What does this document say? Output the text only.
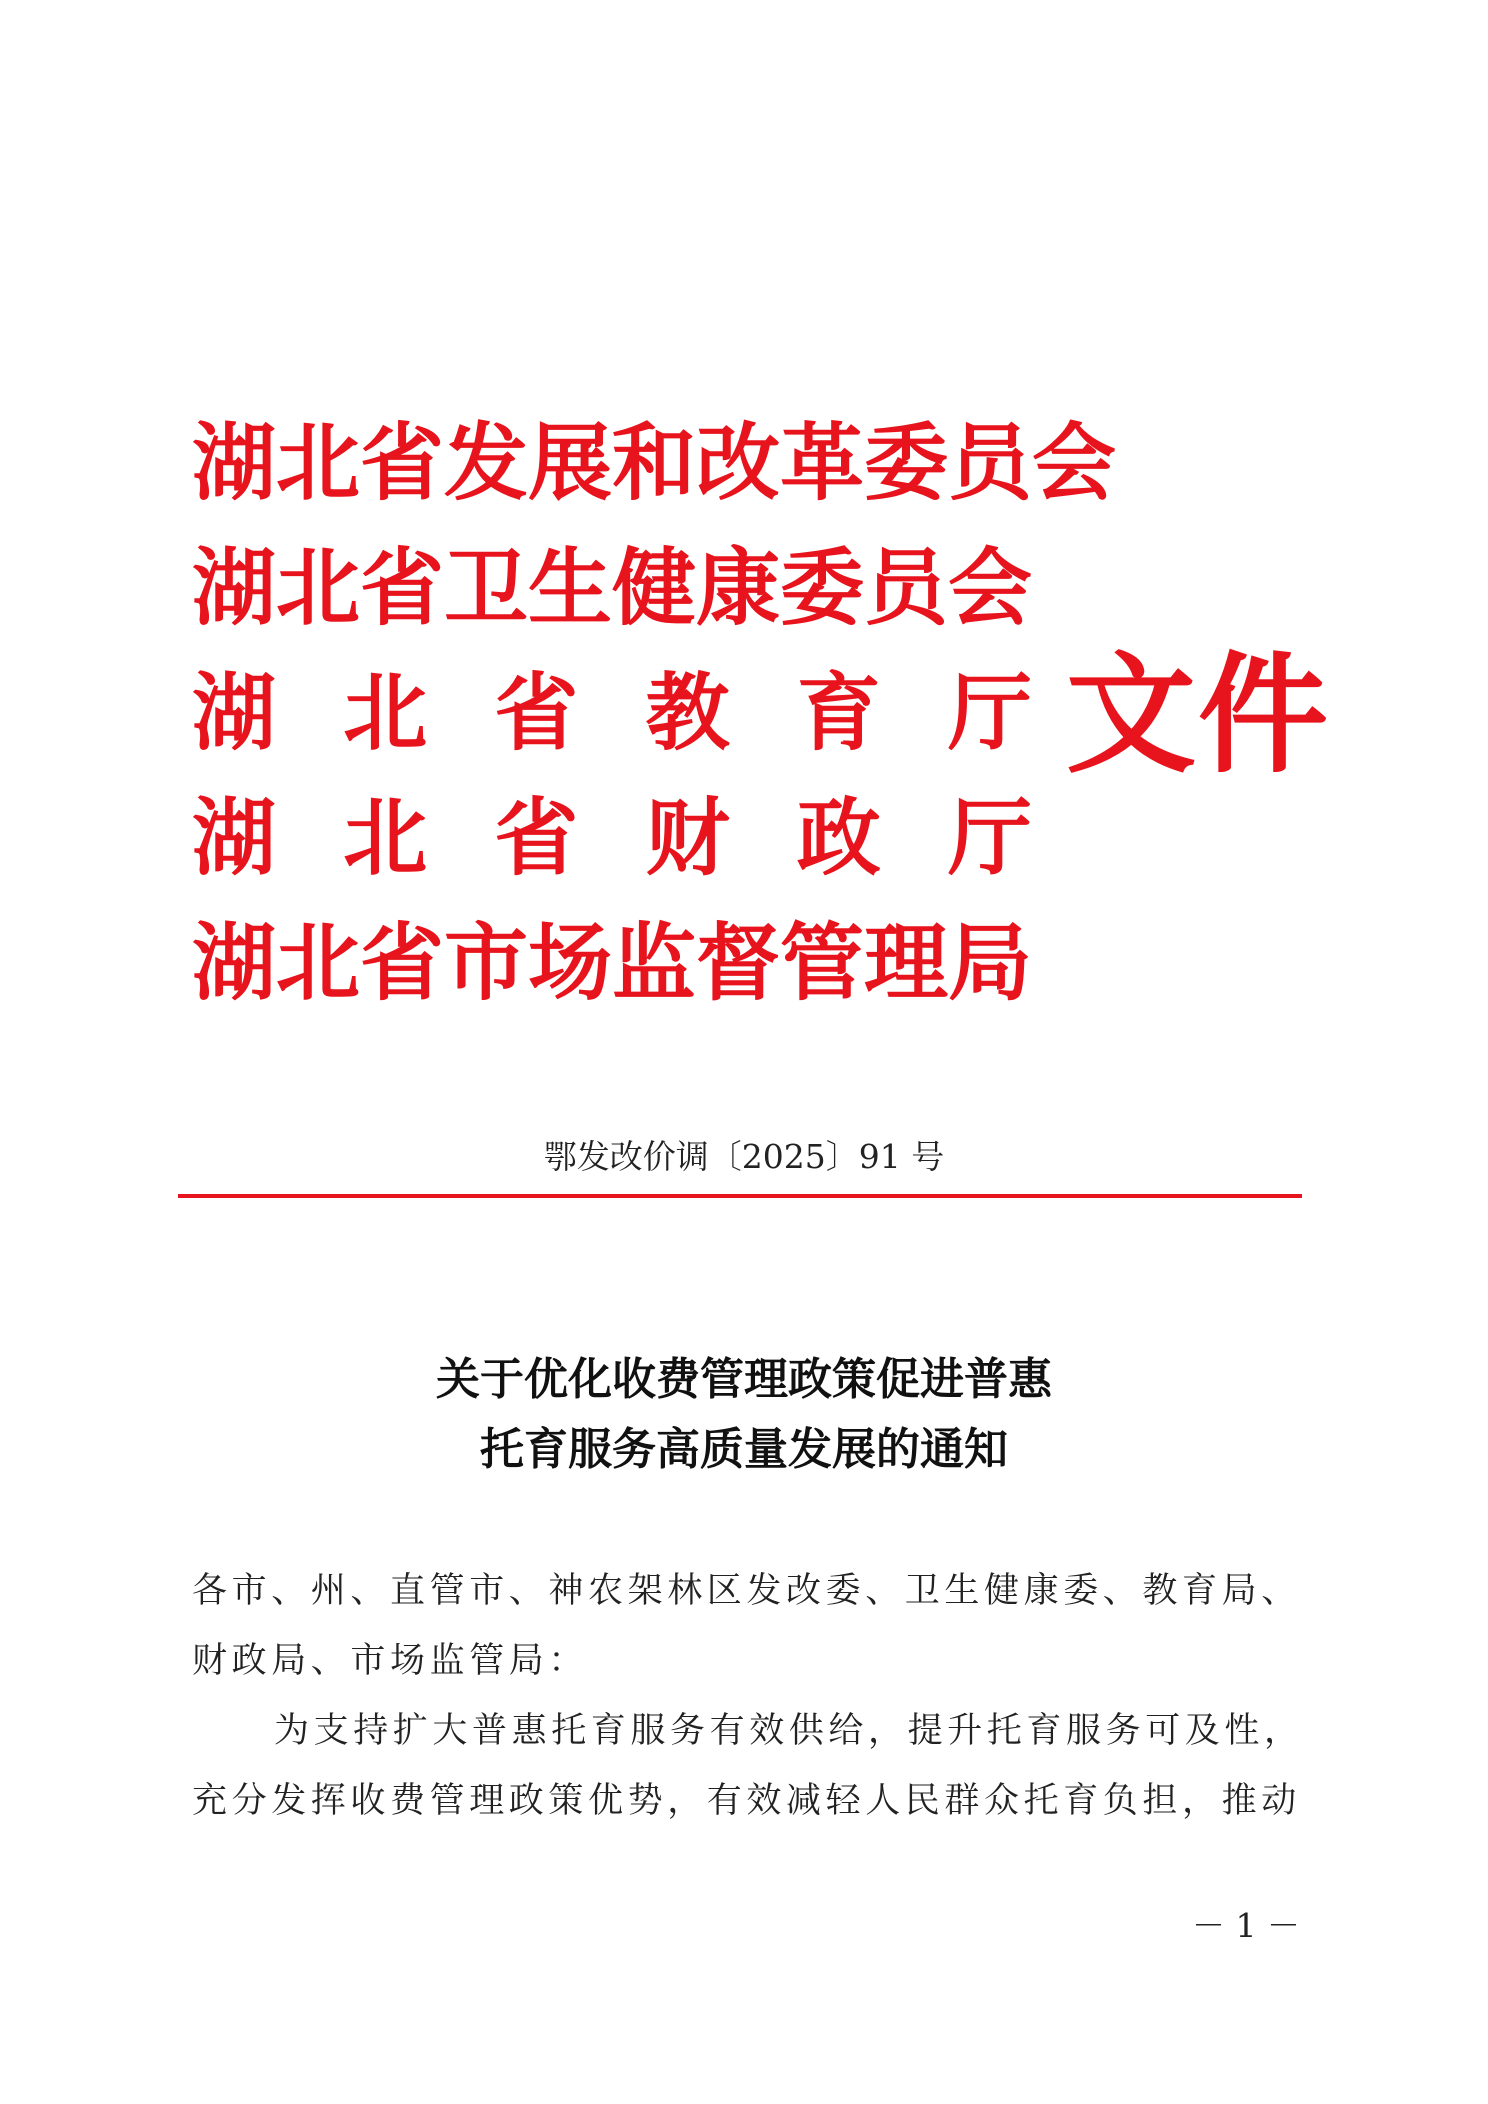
湖北省发展和改革委员会
湖北省卫生健康委员会
湖 北 省 教 育 厅
湖 北 省 财 政 厅
湖北省市场监督管理局
文件
鄂发改价调〔2025〕91 号
关于优化收费管理政策促进普惠
托育服务高质量发展的通知
各市、州、直管市、神农架林区发改委、卫生健康委、教育局、
财政局、市场监管局：
为支持扩大普惠托育服务有效供给，提升托育服务可及性，
充分发挥收费管理政策优势，有效减轻人民群众托育负担，推动
－ 1 －
